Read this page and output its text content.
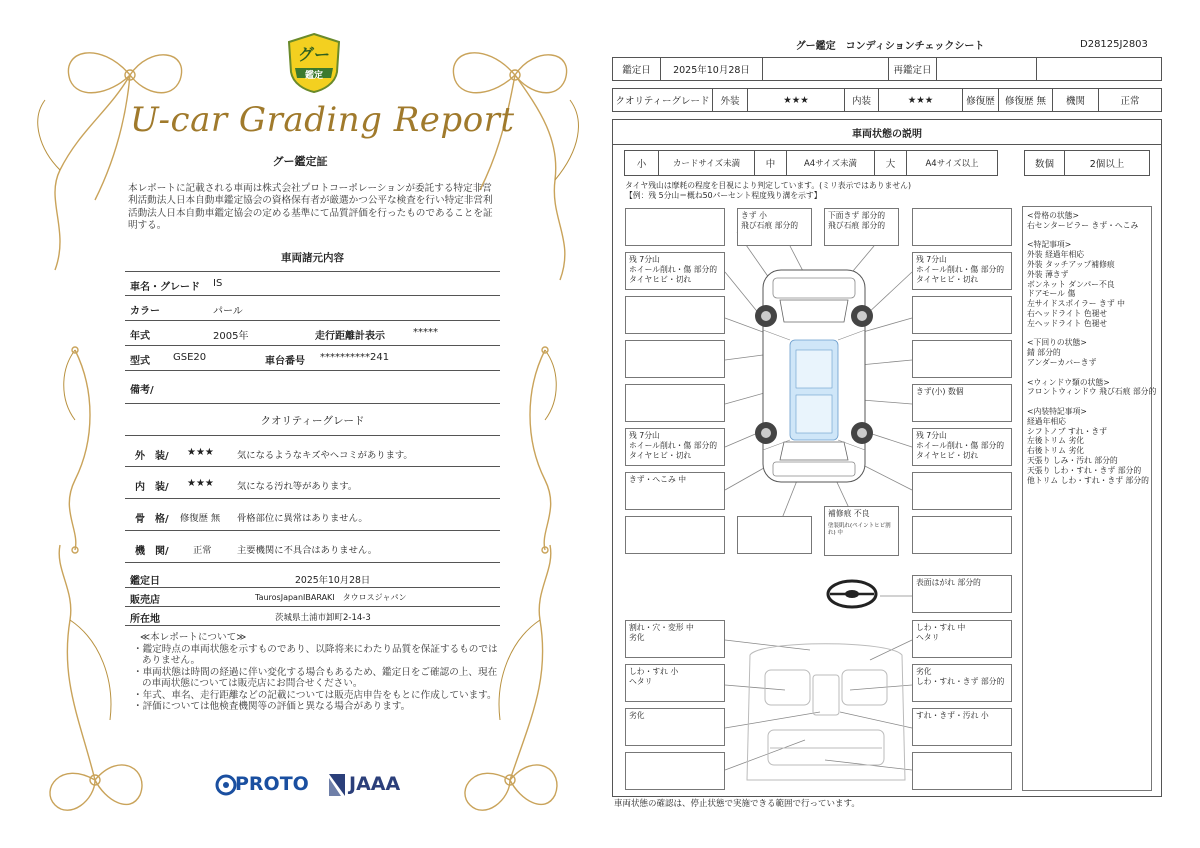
グー
鑑定
U-car Grading Report
グー鑑定証
本レポートに記載される車両は株式会社プロトコーポレーションが委託する特定非営利活動法人日本自動車鑑定協会の資格保有者が厳選かつ公平な検査を行い特定非営利活動法人日本自動車鑑定協会の定める基準にて品質評価を行ったものであることを証明する。
車両諸元内容
車名・グレード IS
カラー	パール
年式	2005年	走行距離計表示	*****
型式 GSE20	車台番号 **********241
備考/
クオリティーグレード
外　装/ ★★★ 気になるようなキズやヘコミがあります。
内　装/ ★★★ 気になる汚れ等があります。
骨　格/ 修復歴 無 骨格部位に異常はありません。
機　関/	正常	主要機関に不具合はありません。
鑑定日	2025年10月28日
販売店	TaurosJapanIBARAKI　タウロスジャパン
所在地	茨城県土浦市卸町2-14-3
≪本レポートについて≫
・鑑定時点の車両状態を示すものであり、以降将来にわたり品質を保証するものではありません。
・車両状態は時間の経過に伴い変化する場合もあるため、鑑定日をご確認の上、現在の車両状態については販売店にお問合せください。
・年式、車名、走行距離などの記載については販売店申告をもとに作成しています。
・評価については他検査機関等の評価と異なる場合があります。
PROTO JAAA
グー鑑定　コンディションチェックシート	D28125J2803
鑑定日	2025年10月28日	再鑑定日
クオリティーグレード	外装	★★★	内装	★★★	修復歴	修復歴 無	機関	正常
車両状態の説明
小	カードサイズ未満	中	A4サイズ未満	大	A4サイズ以上	数個	2個以上
タイヤ残山は摩耗の程度を目視により判定しています。(ミリ表示ではありません)
【例：残 5分山＝概ね50パーセント程度残り溝を示す】
きず 小
飛び石痕 部分的
下面きず 部分的
飛び石痕 部分的
残 7分山
ホイール削れ・傷 部分的
タイヤヒビ・切れ
残 7分山
ホイール削れ・傷 部分的
タイヤヒビ・切れ
きず(小) 数個
残 7分山
ホイール削れ・傷 部分的
タイヤヒビ・切れ
残 7分山
ホイール削れ・傷 部分的
タイヤヒビ・切れ
きず・へこみ 中
補修痕 不良
塗装肌れ(ペイントヒビ割れ) 中
表面はがれ 部分的
割れ・穴・変形 中
劣化
しわ・すれ 中
ヘタリ
しわ・すれ 小
ヘタリ
劣化
しわ・すれ・きず 部分的
劣化	すれ・きず・汚れ 小
<骨格の状態>
右センターピラー きず・へこみ
<特記事項>
外装 経過年相応
外装 タッチアップ補修痕
外装 薄きず
ボンネット ダンパー不良
ドアモール 傷
左サイドスポイラー きず 中
右ヘッドライト 色褪せ
左ヘッドライト 色褪せ
<下回りの状態>
錆 部分的
アンダーカバーきず
<ウィンドウ類の状態>
フロントウィンドウ 飛び石痕 部分的
<内装特記事項>
経過年相応
シフトノブ すれ・きず
左後トリム 劣化
右後トリム 劣化
天張り しみ・汚れ 部分的
天張り しわ・すれ・きず 部分的
他トリム しわ・すれ・きず 部分的
車両状態の確認は、停止状態で実施できる範囲で行っています。
